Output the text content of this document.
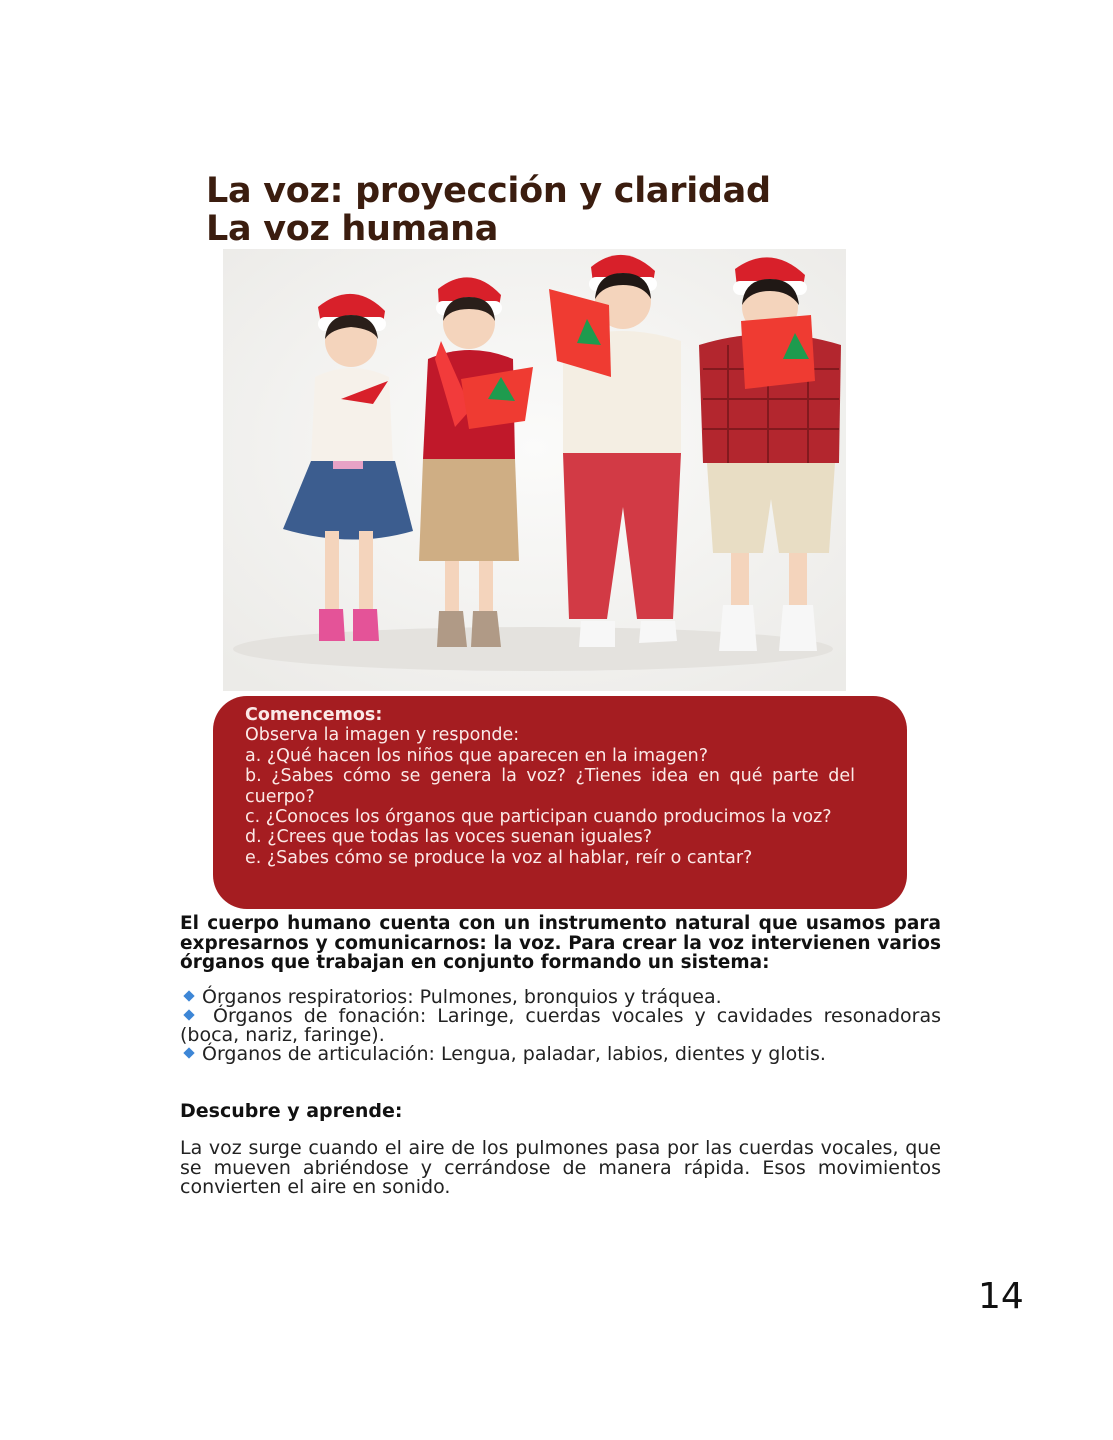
La voz: proyección y claridad
La voz humana

Comencemos:

Observa la imagen y responde:

a. ¿Qué hacen los niños que aparecen en la imagen?

b. ¿Sabes cómo se genera la voz? ¿Tienes idea en qué parte del cuerpo?

c. ¿Conoces los órganos que participan cuando producimos la voz?

d. ¿Crees que todas las voces suenan iguales?

e. ¿Sabes cómo se produce la voz al hablar, reír o cantar?

El cuerpo humano cuenta con un instrumento natural que usamos para expresarnos y comunicarnos: la voz. Para crear la voz intervienen varios órganos que trabajan en conjunto formando un sistema:

Órganos respiratorios: Pulmones, bronquios y tráquea.

Órganos de fonación: Laringe, cuerdas vocales y cavidades resonadoras (boca, nariz, faringe).

Órganos de articulación: Lengua, paladar, labios, dientes y glotis.

Descubre y aprende:

La voz surge cuando el aire de los pulmones pasa por las cuerdas vocales, que se mueven abriéndose y cerrándose de manera rápida. Esos movimientos convierten el aire en sonido.

14
